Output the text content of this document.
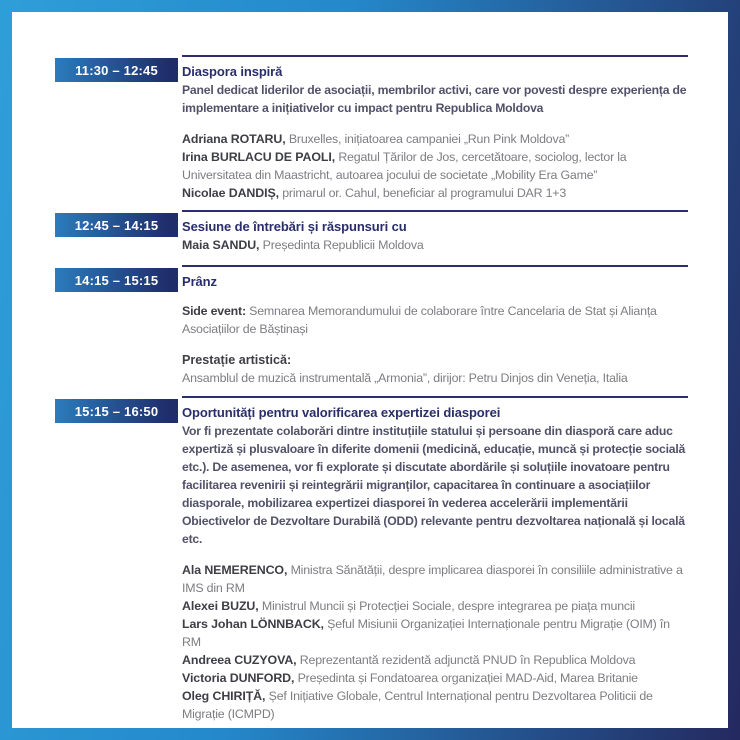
11:30 – 12:45 Diaspora inspiră

Panel dedicat liderilor de asociații, membrilor activi, care vor povesti despre experiența de implementare a inițiativelor cu impact pentru Republica Moldova

Adriana ROTARU, Bruxelles, inițiatoarea campaniei „Run Pink Moldova”

Irina BURLACU DE PAOLI, Regatul Țărilor de Jos, cercetătoare, sociolog, lector la Universitatea din Maastricht, autoarea jocului de societate „Mobility Era Game”

Nicolae DANDIȘ, primarul or. Cahul, beneficiar al programului DAR 1+3

12:45 – 14:15 Sesiune de întrebări și răspunsuri cu

Maia SANDU, Președinta Republicii Moldova

14:15 – 15:15 Prânz

Side event: Semnarea Memorandumului de colaborare între Cancelaria de Stat și Alianța Asociațiilor de Băștinași

Prestație artistică:

Ansamblul de muzică instrumentală „Armonia”, dirijor: Petru Dinjos din Veneția, Italia

15:15 – 16:50 Oportunități pentru valorificarea expertizei diasporei

Vor fi prezentate colaborări dintre instituțiile statului și persoane din diasporă care aduc expertiză și plusvaloare în diferite domenii (medicină, educație, muncă și protecție socială etc.). De asemenea, vor fi explorate și discutate abordările și soluțiile inovatoare pentru facilitarea revenirii și reintegrării migranților, capacitarea în continuare a asociațiilor diasporale, mobilizarea expertizei diasporei în vederea accelerării implementării Obiectivelor de Dezvoltare Durabilă (ODD) relevante pentru dezvoltarea națională și locală etc.

Ala NEMERENCO, Ministra Sănătății, despre implicarea diasporei în consiliile administrative a IMS din RM

Alexei BUZU, Ministrul Muncii și Protecției Sociale, despre integrarea pe piața muncii

Lars Johan LÖNNBACK, Șeful Misiunii Organizației Internaționale pentru Migrație (OIM) în RM

Andreea CUZYOVA, Reprezentantă rezidentă adjunctă PNUD în Republica Moldova

Victoria DUNFORD, Președinta și Fondatoarea organizației MAD-Aid, Marea Britanie

Oleg CHIRIȚĂ, Șef Inițiative Globale, Centrul Internațional pentru Dezvoltarea Politicii de Migrație (ICMPD)
